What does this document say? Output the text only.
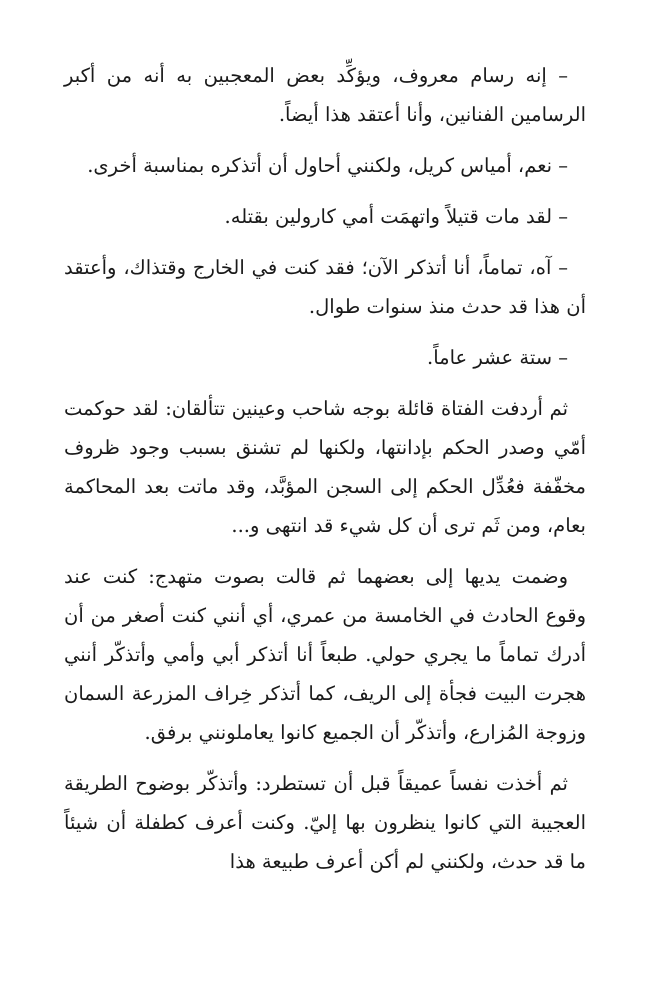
– إنه رسام معروف، ويؤكِّد بعض المعجبين به أنه من أكبر الرسامين الفنانين، وأنا أعتقد هذا أيضاً.

– نعم، أمياس كريل، ولكنني أحاول أن أتذكره بمناسبة أخرى.

– لقد مات قتيلاً واتهمَت أمي كارولين بقتله.

– آه، تماماً، أنا أتذكر الآن؛ فقد كنت في الخارج وقتذاك، وأعتقد أن هذا قد حدث منذ سنوات طوال.

– ستة عشر عاماً.

ثم أردفت الفتاة قائلة بوجه شاحب وعينين تتألقان: لقد حوكمت أمّي وصدر الحكم بإدانتها، ولكنها لم تشنق بسبب وجود ظروف مخفّفة فعُدِّل الحكم إلى السجن المؤبَّد، وقد ماتت بعد المحاكمة بعام، ومن ثَم ترى أن كل شيء قد انتهى و...

وضمت يديها إلى بعضهما ثم قالت بصوت متهدج: كنت عند وقوع الحادث في الخامسة من عمري، أي أنني كنت أصغر من أن أدرك تماماً ما يجري حولي. طبعاً أنا أتذكر أبي وأمي وأتذكّر أنني هجرت البيت فجأة إلى الريف، كما أتذكر خِراف المزرعة السمان وزوجة المُزارع، وأتذكّر أن الجميع كانوا يعاملونني برفق.

ثم أخذت نفساً عميقاً قبل أن تستطرد: وأتذكّر بوضوح الطريقة العجيبة التي كانوا ينظرون بها إليّ. وكنت أعرف كطفلة أن شيئاً ما قد حدث، ولكنني لم أكن أعرف طبيعة هذا
